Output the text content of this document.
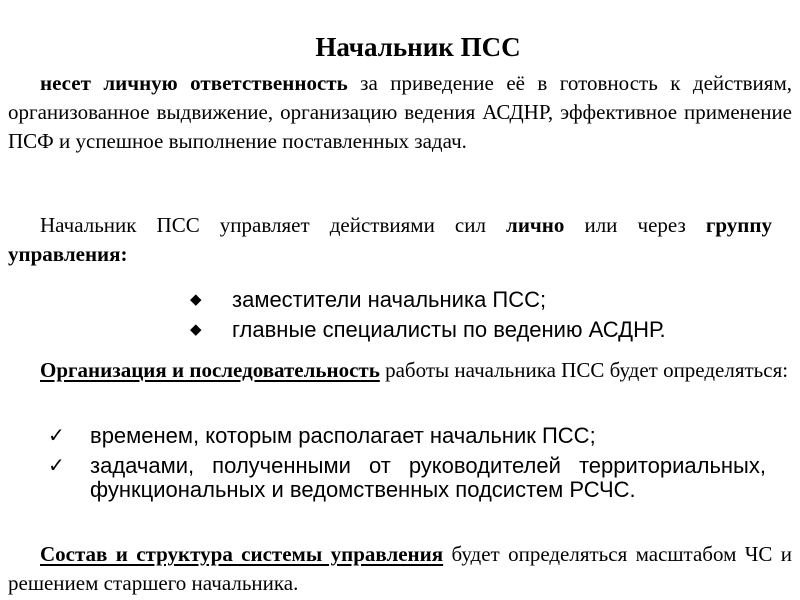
Начальник ПСС
несет личную ответственность за приведение её в готовность к действиям, организованное выдвижение, организацию ведения АСДНР, эффективное применение ПСФ и успешное выполнение поставленных задач.
Начальник ПСС управляет действиями сил лично или через группу управления:
◆ заместители начальника ПСС;
◆ главные специалисты по ведению АСДНР.
Организация и последовательность работы начальника ПСС будет определяться:
✓ временем, которым располагает начальник ПСС;
✓ задачами, полученными от руководителей территориальных, функциональных и ведомственных подсистем РСЧС.
Состав и структура системы управления будет определяться масштабом ЧС и решением старшего начальника.
